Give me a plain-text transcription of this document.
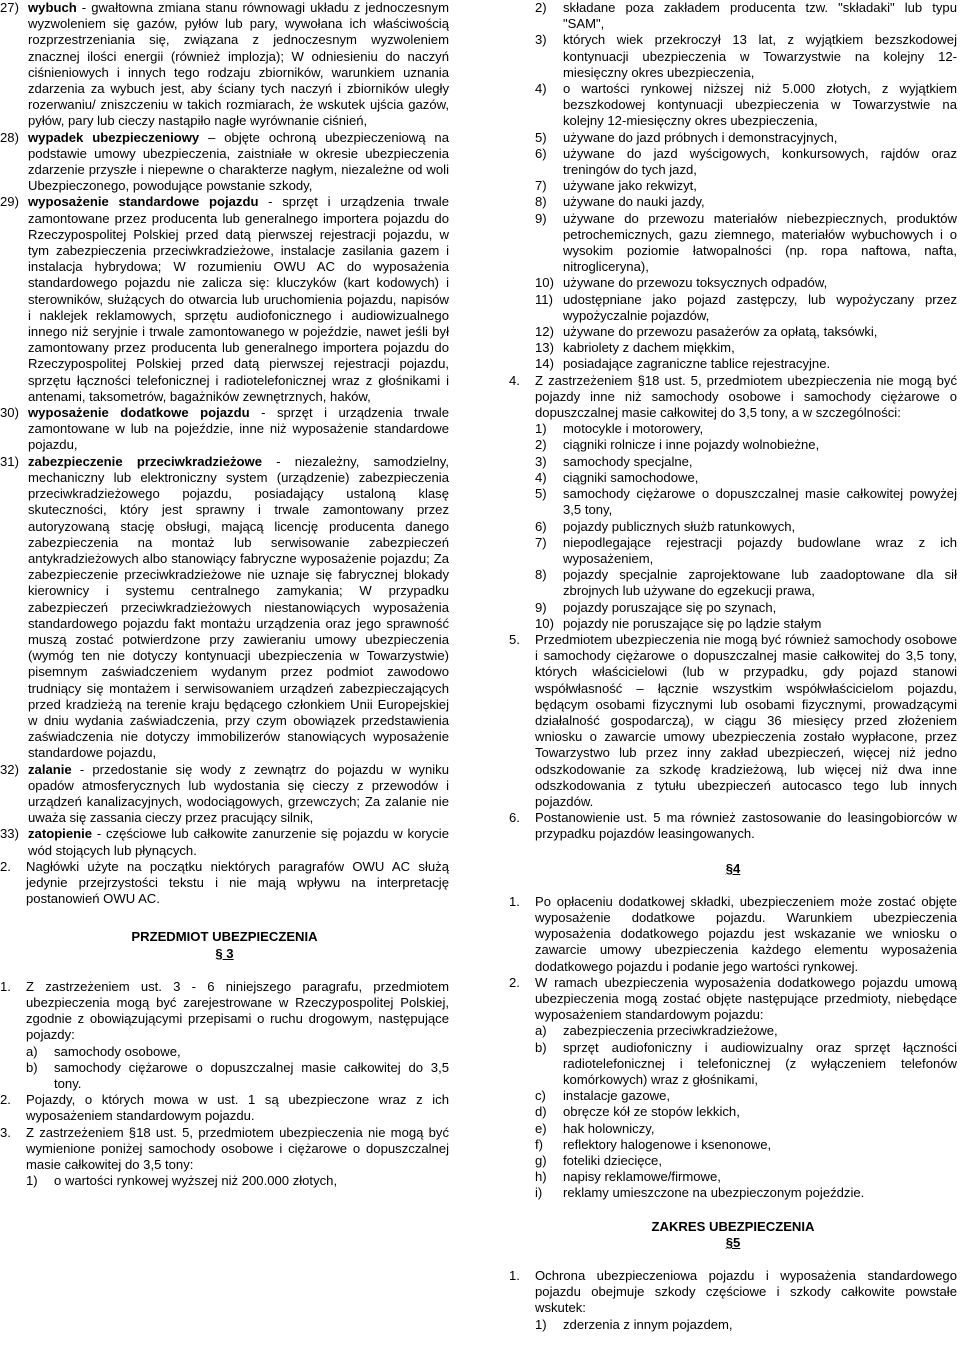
27) wybuch - gwałtowna zmiana stanu równowagi układu z jednoczesnym wyzwoleniem się gazów, pyłów lub pary, wywołana ich właściwością rozprzestrzeniania się, związana z jednoczesnym wyzwoleniem znacznej ilości energii (również implozja); W odniesieniu do naczyń ciśnieniowych i innych tego rodzaju zbiorników, warunkiem uznania zdarzenia za wybuch jest, aby ściany tych naczyń i zbiorników uległy rozerwaniu/ zniszczeniu w takich rozmiarach, że wskutek ujścia gazów, pyłów, pary lub cieczy nastąpiło nagłe wyrównanie ciśnień,

28) wypadek ubezpieczeniowy – objęte ochroną ubezpieczeniową na podstawie umowy ubezpieczenia, zaistniałe w okresie ubezpieczenia zdarzenie przyszłe i niepewne o charakterze nagłym, niezależne od woli Ubezpieczonego, powodujące powstanie szkody,

29) wyposażenie standardowe pojazdu - sprzęt i urządzenia trwale zamontowane przez producenta lub generalnego importera pojazdu do Rzeczypospolitej Polskiej przed datą pierwszej rejestracji pojazdu, w tym zabezpieczenia przeciwkradzieżowe, instalacje zasilania gazem i instalacja hybrydowa; W rozumieniu OWU AC do wyposażenia standardowego pojazdu nie zalicza się: kluczyków (kart kodowych) i sterowników, służących do otwarcia lub uruchomienia pojazdu, napisów i naklejek reklamowych, sprzętu audiofonicznego i audiowizualnego innego niż seryjnie i trwale zamontowanego w pojeździe, nawet jeśli był zamontowany przez producenta lub generalnego importera pojazdu do Rzeczypospolitej Polskiej przed datą pierwszej rejestracji pojazdu, sprzętu łączności telefonicznej i radiotelefonicznej wraz z głośnikami i antenami, taksometrów, bagażników zewnętrznych, haków,

30) wyposażenie dodatkowe pojazdu - sprzęt i urządzenia trwale zamontowane w lub na pojeździe, inne niż wyposażenie standardowe pojazdu,

31) zabezpieczenie przeciwkradzieżowe - niezależny, samodzielny, mechaniczny lub elektroniczny system (urządzenie) zabezpieczenia przeciwkradzieżowego pojazdu, posiadający ustaloną klasę skuteczności, który jest sprawny i trwale zamontowany przez autoryzowaną stację obsługi, mającą licencję producenta danego zabezpieczenia na montaż lub serwisowanie zabezpieczeń antykradzieżowych albo stanowiący fabryczne wyposażenie pojazdu; Za zabezpieczenie przeciwkradzieżowe nie uznaje się fabrycznej blokady kierownicy i systemu centralnego zamykania; W przypadku zabezpieczeń przeciwkradzieżowych niestanowiących wyposażenia standardowego pojazdu fakt montażu urządzenia oraz jego sprawność muszą zostać potwierdzone przy zawieraniu umowy ubezpieczenia (wymóg ten nie dotyczy kontynuacji ubezpieczenia w Towarzystwie) pisemnym zaświadczeniem wydanym przez podmiot zawodowo trudniący się montażem i serwisowaniem urządzeń zabezpieczających przed kradzieżą na terenie kraju będącego członkiem Unii Europejskiej w dniu wydania zaświadczenia, przy czym obowiązek przedstawienia zaświadczenia nie dotyczy immobilizerów stanowiących wyposażenie standardowe pojazdu,

32) zalanie - przedostanie się wody z zewnątrz do pojazdu w wyniku opadów atmosferycznych lub wydostania się cieczy z przewodów i urządzeń kanalizacyjnych, wodociągowych, grzewczych; Za zalanie nie uważa się zassania cieczy przez pracujący silnik,

33) zatopienie - częściowe lub całkowite zanurzenie się pojazdu w korycie wód stojących lub płynących.

2. Nagłówki użyte na początku niektórych paragrafów OWU AC służą jedynie przejrzystości tekstu i nie mają wpływu na interpretację postanowień OWU AC.

PRZEDMIOT UBEZPIECZENIA

§ 3

1. Z zastrzeżeniem ust. 3 - 6 niniejszego paragrafu, przedmiotem ubezpieczenia mogą być zarejestrowane w Rzeczypospolitej Polskiej, zgodnie z obowiązującymi przepisami o ruchu drogowym, następujące pojazdy:

a) samochody osobowe,

b) samochody ciężarowe o dopuszczalnej masie całkowitej do 3,5 tony.

2. Pojazdy, o których mowa w ust. 1 są ubezpieczone wraz z ich wyposażeniem standardowym pojazdu.

3. Z zastrzeżeniem §18 ust. 5, przedmiotem ubezpieczenia nie mogą być wymienione poniżej samochody osobowe i ciężarowe o dopuszczalnej masie całkowitej do 3,5 tony:

1) o wartości rynkowej wyższej niż 200.000 złotych,

2) składane poza zakładem producenta tzw. "składaki" lub typu "SAM",

3) których wiek przekroczył 13 lat, z wyjątkiem bezszkodowej kontynuacji ubezpieczenia w Towarzystwie na kolejny 12-miesięczny okres ubezpieczenia,

4) o wartości rynkowej niższej niż 5.000 złotych, z wyjątkiem bezszkodowej kontynuacji ubezpieczenia w Towarzystwie na kolejny 12-miesięczny okres ubezpieczenia,

5) używane do jazd próbnych i demonstracyjnych,

6) używane do jazd wyścigowych, konkursowych, rajdów oraz treningów do tych jazd,

7) używane jako rekwizyt,

8) używane do nauki jazdy,

9) używane do przewozu materiałów niebezpiecznych, produktów petrochemicznych, gazu ziemnego, materiałów wybuchowych i o wysokim poziomie łatwopalności (np. ropa naftowa, nafta, nitrogliceryna),

10) używane do przewozu toksycznych odpadów,

11) udostępniane jako pojazd zastępczy, lub wypożyczany przez wypożyczalnie pojazdów,

12) używane do przewozu pasażerów za opłatą, taksówki,

13) kabriolety z dachem miękkim,

14) posiadające zagraniczne tablice rejestracyjne.

4. Z zastrzeżeniem §18 ust. 5, przedmiotem ubezpieczenia nie mogą być pojazdy inne niż samochody osobowe i samochody ciężarowe o dopuszczalnej masie całkowitej do 3,5 tony, a w szczególności:

1) motocykle i motorowery,

2) ciągniki rolnicze i inne pojazdy wolnobieżne,

3) samochody specjalne,

4) ciągniki samochodowe,

5) samochody ciężarowe o dopuszczalnej masie całkowitej powyżej 3,5 tony,

6) pojazdy publicznych służb ratunkowych,

7) niepodlegające rejestracji pojazdy budowlane wraz z ich wyposażeniem,

8) pojazdy specjalnie zaprojektowane lub zaadoptowane dla sił zbrojnych lub używane do egzekucji prawa,

9) pojazdy poruszające się po szynach,

10) pojazdy nie poruszające się po lądzie stałym

5. Przedmiotem ubezpieczenia nie mogą być również samochody osobowe i samochody ciężarowe o dopuszczalnej masie całkowitej do 3,5 tony, których właścicielowi (lub w przypadku, gdy pojazd stanowi współwłasność – łącznie wszystkim współwłaścicielom pojazdu, będącym osobami fizycznymi lub osobami fizycznymi, prowadzącymi działalność gospodarczą), w ciągu 36 miesięcy przed złożeniem wniosku o zawarcie umowy ubezpieczenia zostało wypłacone, przez Towarzystwo lub przez inny zakład ubezpieczeń, więcej niż jedno odszkodowanie za szkodę kradzieżową, lub więcej niż dwa inne odszkodowania z tytułu ubezpieczeń autocasco tego lub innych pojazdów.

6. Postanowienie ust. 5 ma również zastosowanie do leasingobiorców w przypadku pojazdów leasingowanych.

§4

1. Po opłaceniu dodatkowej składki, ubezpieczeniem może zostać objęte wyposażenie dodatkowe pojazdu. Warunkiem ubezpieczenia wyposażenia dodatkowego pojazdu jest wskazanie we wniosku o zawarcie umowy ubezpieczenia każdego elementu wyposażenia dodatkowego pojazdu i podanie jego wartości rynkowej.

2. W ramach ubezpieczenia wyposażenia dodatkowego pojazdu umową ubezpieczenia mogą zostać objęte następujące przedmioty, niebędące wyposażeniem standardowym pojazdu:

a) zabezpieczenia przeciwkradzieżowe,

b) sprzęt audiofoniczny i audiowizualny oraz sprzęt łączności radiotelefonicznej i telefonicznej (z wyłączeniem telefonów komórkowych) wraz z głośnikami,

c) instalacje gazowe,

d) obręcze kół ze stopów lekkich,

e) hak holowniczy,

f) reflektory halogenowe i ksenonowe,

g) foteliki dziecięce,

h) napisy reklamowe/firmowe,

i) reklamy umieszczone na ubezpieczonym pojeździe.

ZAKRES UBEZPIECZENIA

§5

1. Ochrona ubezpieczeniowa pojazdu i wyposażenia standardowego pojazdu obejmuje szkody częściowe i szkody całkowite powstałe wskutek:

1) zderzenia z innym pojazdem,
